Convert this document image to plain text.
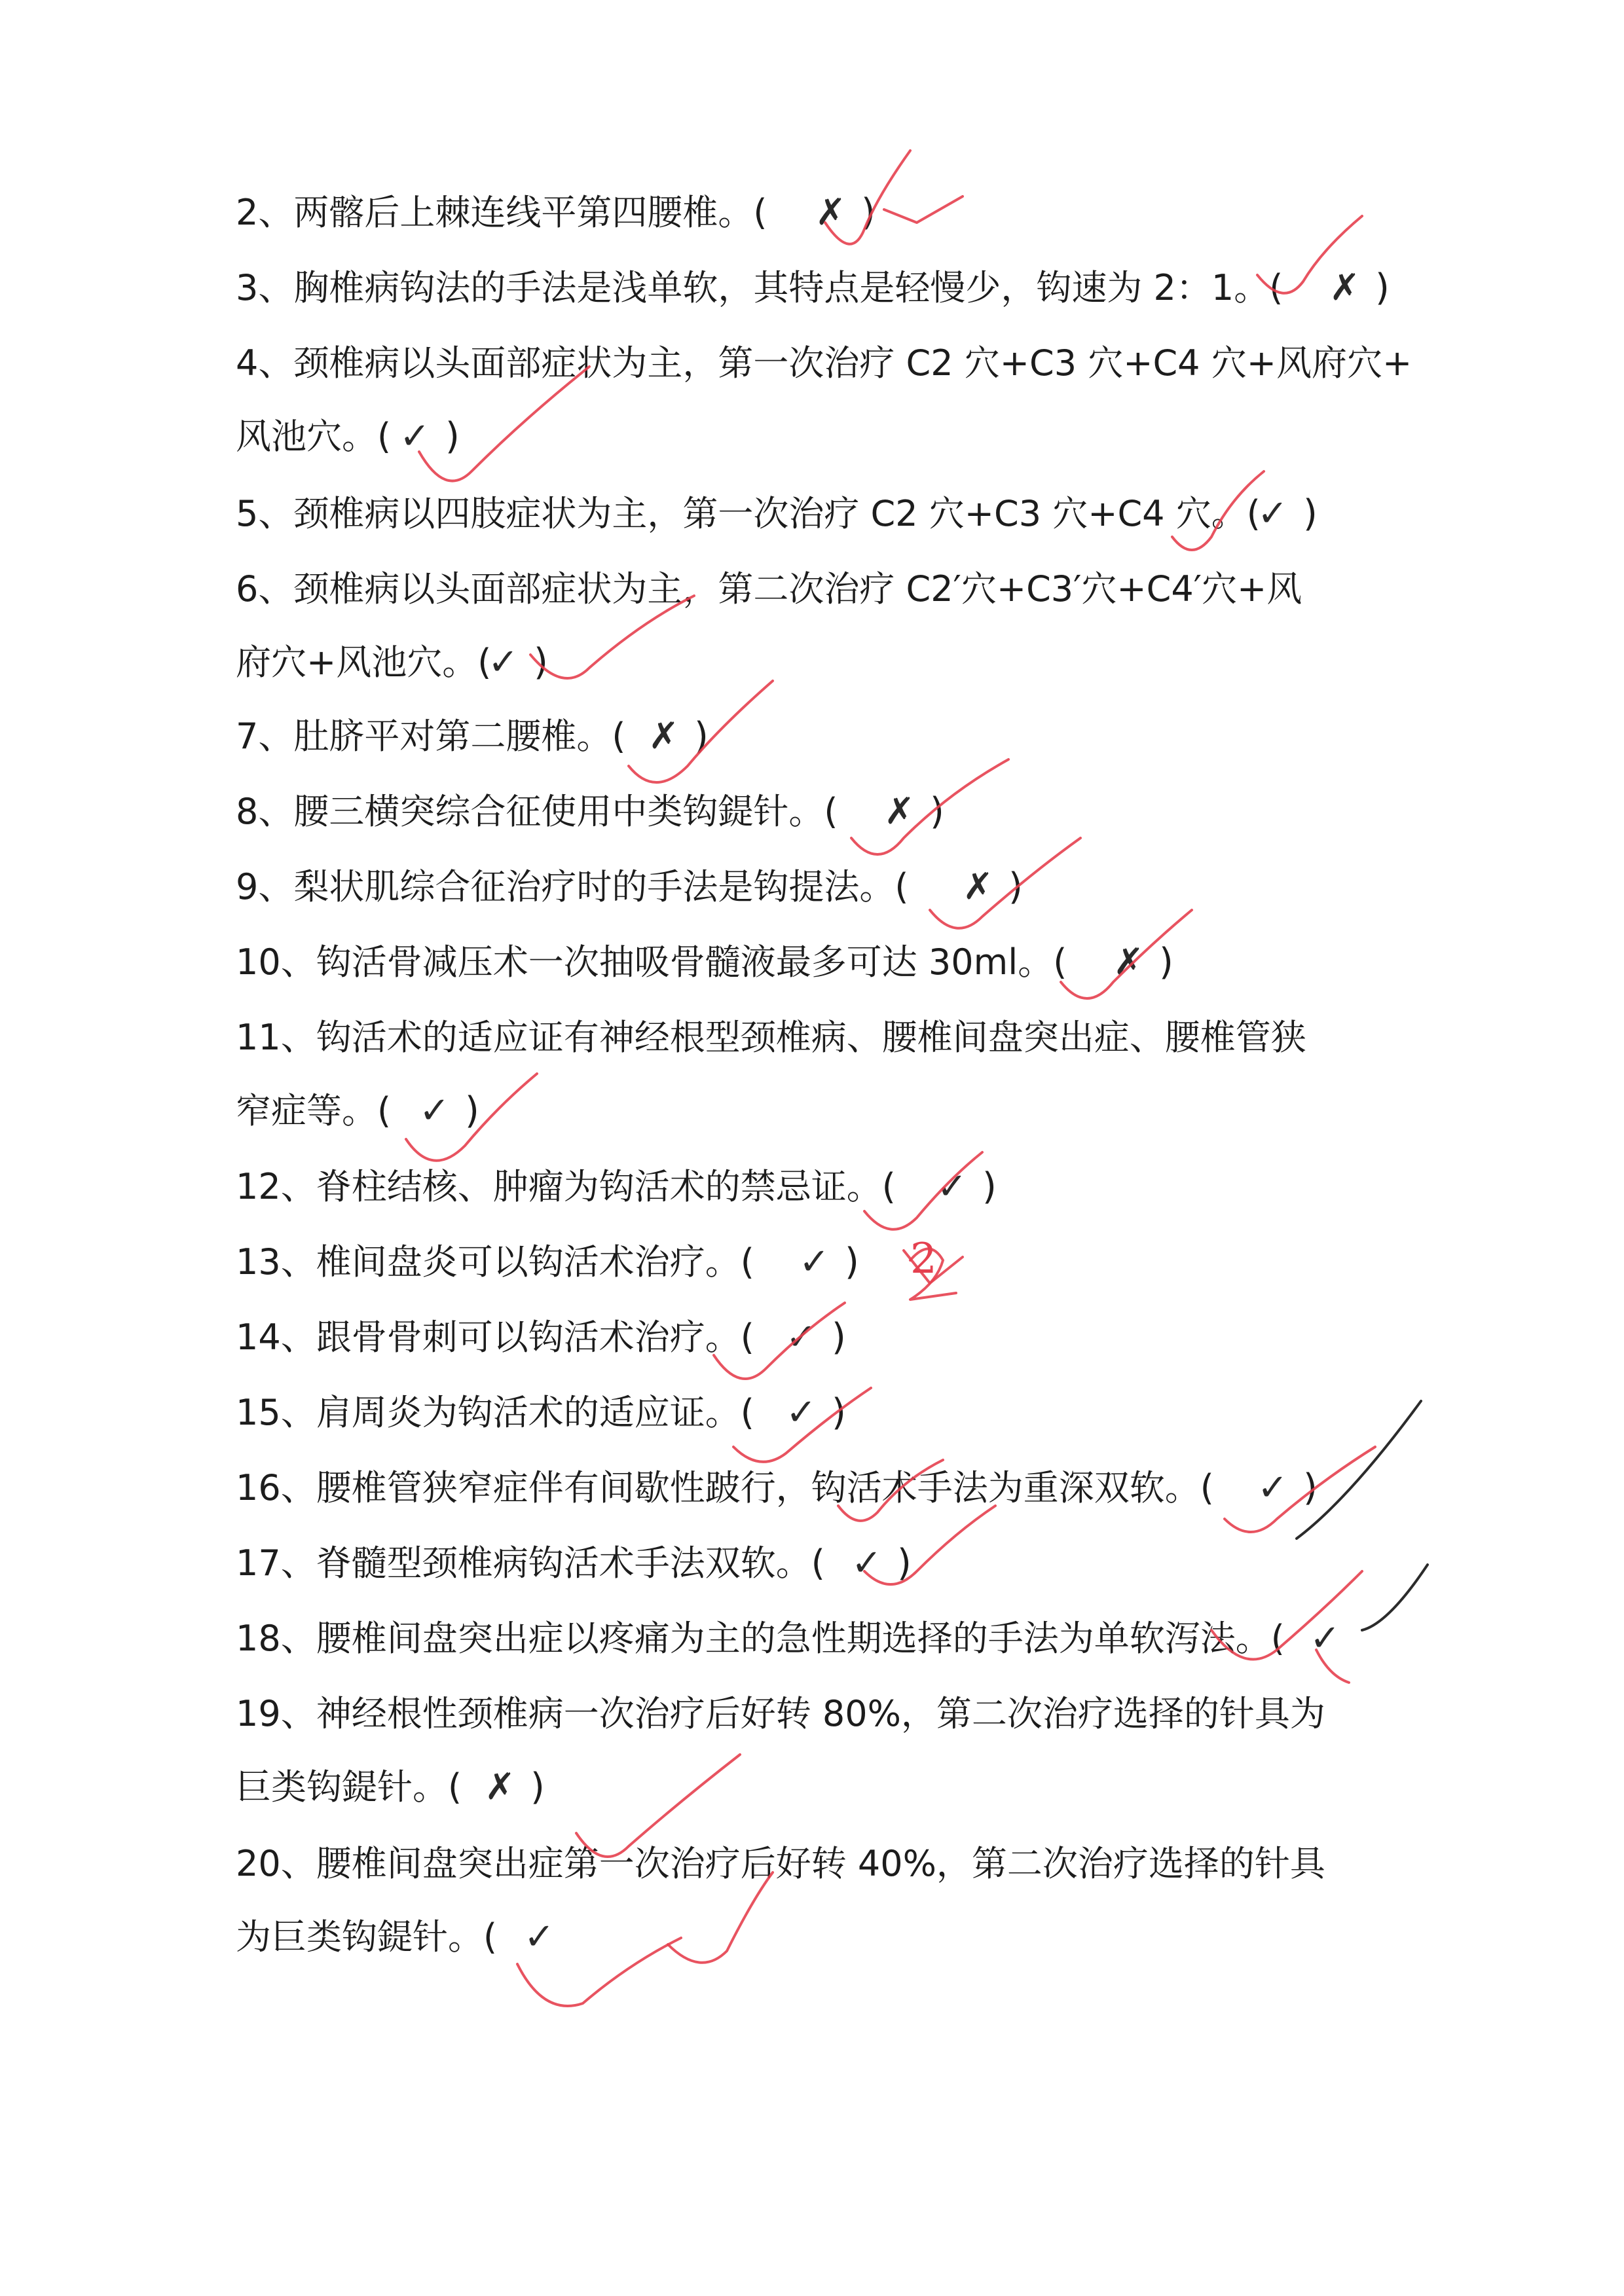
2、两髂后上棘连线平第四腰椎。(	✗ )
3、胸椎病钩法的手法是浅单软，其特点是轻慢少，钩速为 2：1。(	✗ )
4、颈椎病以头面部症状为主，第一次治疗 C2 穴+C3 穴+C4 穴+风府穴+
风池穴。( ✓ )
5、颈椎病以四肢症状为主，第一次治疗 C2 穴+C3 穴+C4 穴。(
✓ )
6、颈椎病以头面部症状为主，第二次治疗 C2′穴+C3′穴+C4′穴+风
府穴+风池穴。(
✓ )
7、肚脐平对第二腰椎。( ✗ )
8、腰三横突综合征使用中类钩鍉针。(	✗ )
9、梨状肌综合征治疗时的手法是钩提法。(	✗ )
10、钩活骨减压术一次抽吸骨髓液最多可达 30ml。(	✗ )
11、钩活术的适应证有神经根型颈椎病、腰椎间盘突出症、腰椎管狭
窄症等。( ✓ )
12、脊柱结核、肿瘤为钩活术的禁忌证。(	✓ )
13、椎间盘炎可以钩活术治疗。(	✓ ) 2
14、跟骨骨刺可以钩活术治疗。( ✓ )
15、肩周炎为钩活术的适应证。( ✓ )
16、腰椎管狭窄症伴有间歇性跛行，钩活术手法为重深双软。(	✓ )
17、脊髓型颈椎病钩活术手法双软。( ✓ )
18、腰椎间盘突出症以疼痛为主的急性期选择的手法为单软泻法。( ✓
19、神经根性颈椎病一次治疗后好转 80%，第二次治疗选择的针具为
巨类钩鍉针。( ✗ )
20、腰椎间盘突出症第一次治疗后好转 40%，第二次治疗选择的针具
为巨类钩鍉针。( ✓
